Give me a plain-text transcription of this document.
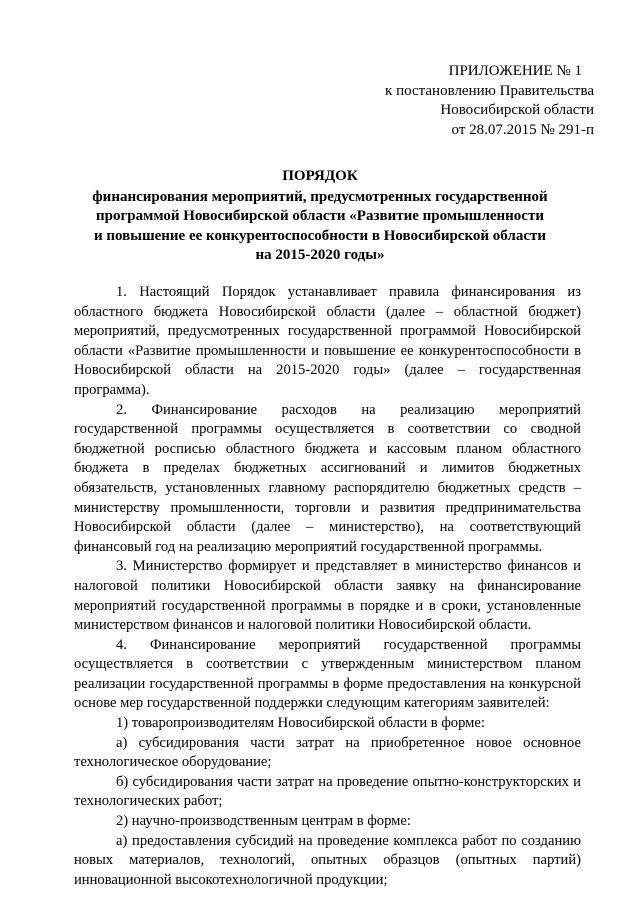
ПРИЛОЖЕНИЕ № 1
к постановлению Правительства
Новосибирской области
от 28.07.2015 № 291-п
ПОРЯДОК
финансирования мероприятий, предусмотренных государственной
программой Новосибирской области «Развитие промышленности
и повышение ее конкурентоспособности в Новосибирской области
на 2015-2020 годы»

1. Настоящий Порядок устанавливает правила финансирования из областного бюджета Новосибирской области (далее – областной бюджет) мероприятий, предусмотренных государственной программой Новосибирской области «Развитие промышленности и повышение ее конкурентоспособности в Новосибирской области на 2015-2020 годы» (далее – государственная программа).

2. Финансирование расходов на реализацию мероприятий государственной программы осуществляется в соответствии со сводной бюджетной росписью областного бюджета и кассовым планом областного бюджета в пределах бюджетных ассигнований и лимитов бюджетных обязательств, установленных главному распорядителю бюджетных средств – министерству промышленности, торговли и развития предпринимательства Новосибирской области (далее – министерство), на соответствующий финансовый год на реализацию мероприятий государственной программы.

3. Министерство формирует и представляет в министерство финансов и налоговой политики Новосибирской области заявку на финансирование мероприятий государственной программы в порядке и в сроки, установленные министерством финансов и налоговой политики Новосибирской области.

4. Финансирование мероприятий государственной программы осуществляется в соответствии с утвержденным министерством планом реализации государственной программы в форме предоставления на конкурсной основе мер государственной поддержки следующим категориям заявителей:

1) товаропроизводителям Новосибирской области в форме:

а) субсидирования части затрат на приобретенное новое основное технологическое оборудование;

б) субсидирования части затрат на проведение опытно-конструкторских и технологических работ;

2) научно-производственным центрам в форме:

а) предоставления субсидий на проведение комплекса работ по созданию новых материалов, технологий, опытных образцов (опытных партий) инновационной высокотехнологичной продукции;
